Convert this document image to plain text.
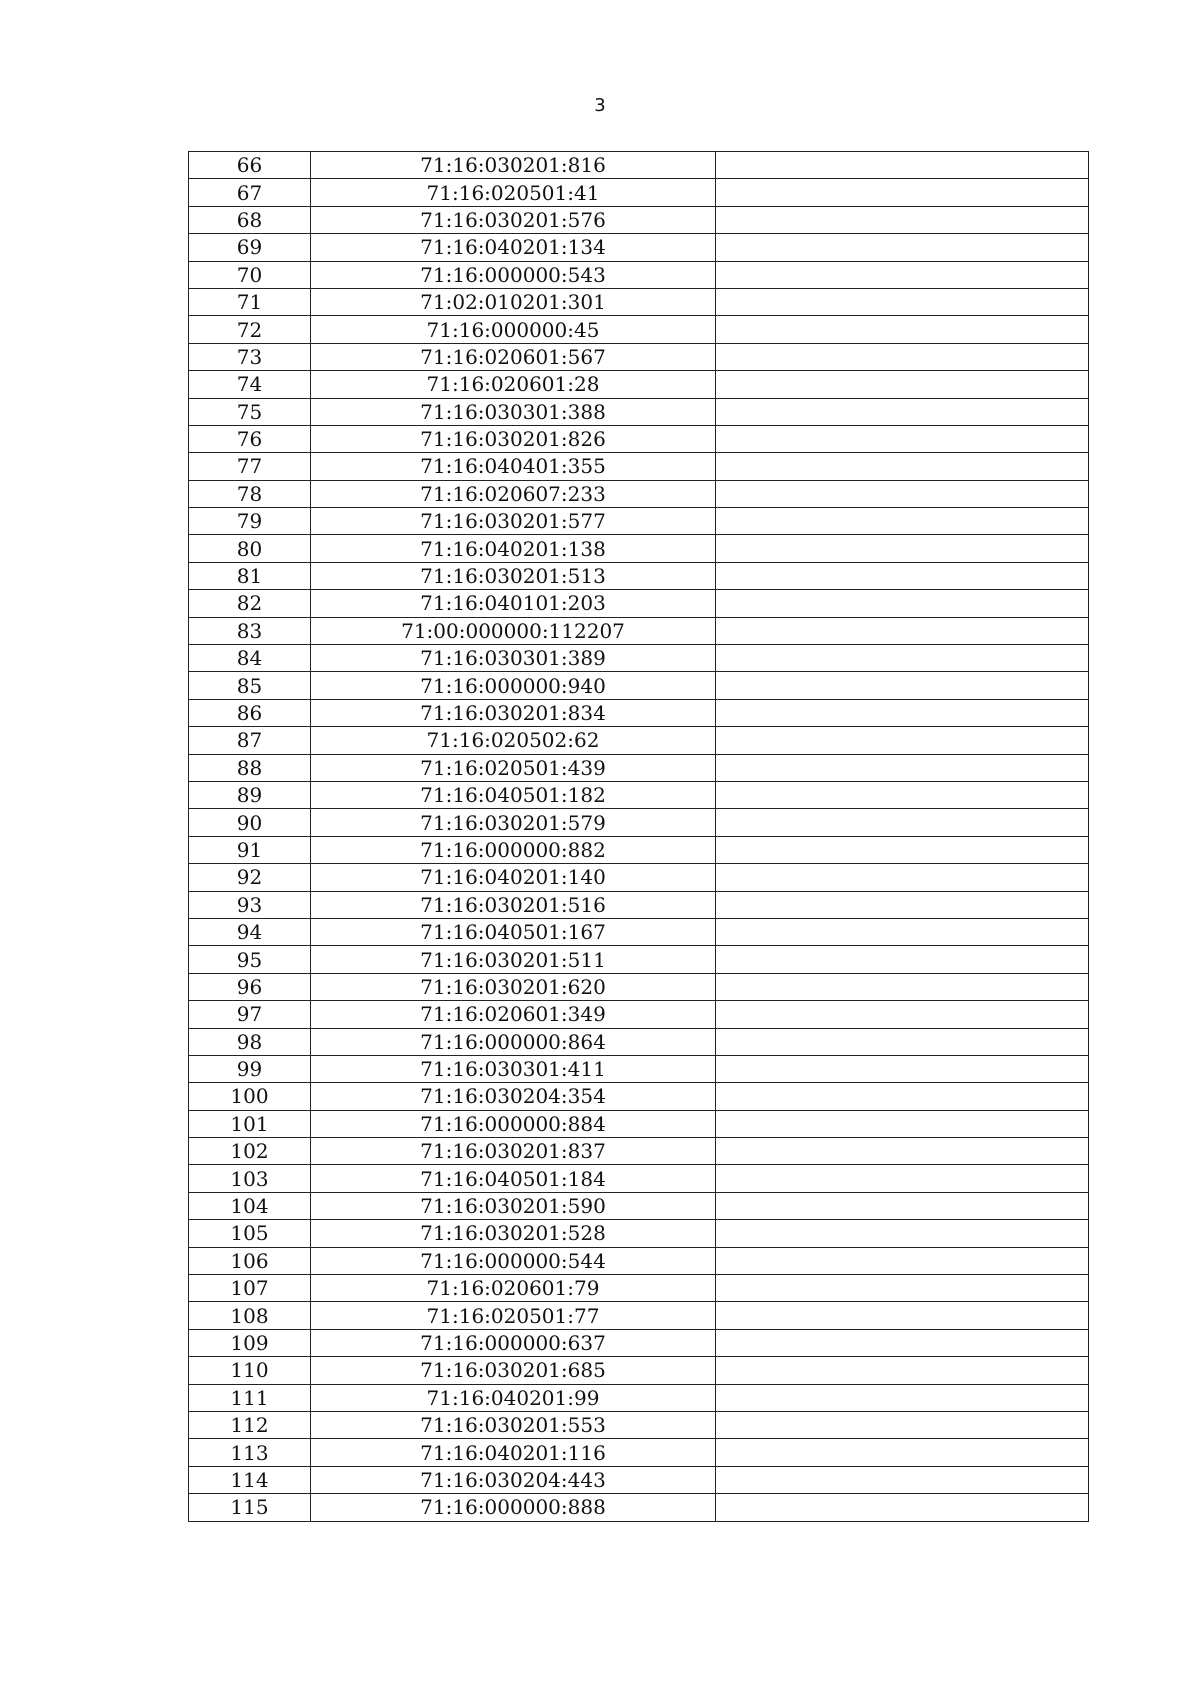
3
66	71:16:030201:816	
67	71:16:020501:41	
68	71:16:030201:576	
69	71:16:040201:134	
70	71:16:000000:543	
71	71:02:010201:301	
72	71:16:000000:45	
73	71:16:020601:567	
74	71:16:020601:28	
75	71:16:030301:388	
76	71:16:030201:826	
77	71:16:040401:355	
78	71:16:020607:233	
79	71:16:030201:577	
80	71:16:040201:138	
81	71:16:030201:513	
82	71:16:040101:203	
83	71:00:000000:112207	
84	71:16:030301:389	
85	71:16:000000:940	
86	71:16:030201:834	
87	71:16:020502:62	
88	71:16:020501:439	
89	71:16:040501:182	
90	71:16:030201:579	
91	71:16:000000:882	
92	71:16:040201:140	
93	71:16:030201:516	
94	71:16:040501:167	
95	71:16:030201:511	
96	71:16:030201:620	
97	71:16:020601:349	
98	71:16:000000:864	
99	71:16:030301:411	
100	71:16:030204:354	
101	71:16:000000:884	
102	71:16:030201:837	
103	71:16:040501:184	
104	71:16:030201:590	
105	71:16:030201:528	
106	71:16:000000:544	
107	71:16:020601:79	
108	71:16:020501:77	
109	71:16:000000:637	
110	71:16:030201:685	
111	71:16:040201:99	
112	71:16:030201:553	
113	71:16:040201:116	
114	71:16:030204:443	
115	71:16:000000:888	
